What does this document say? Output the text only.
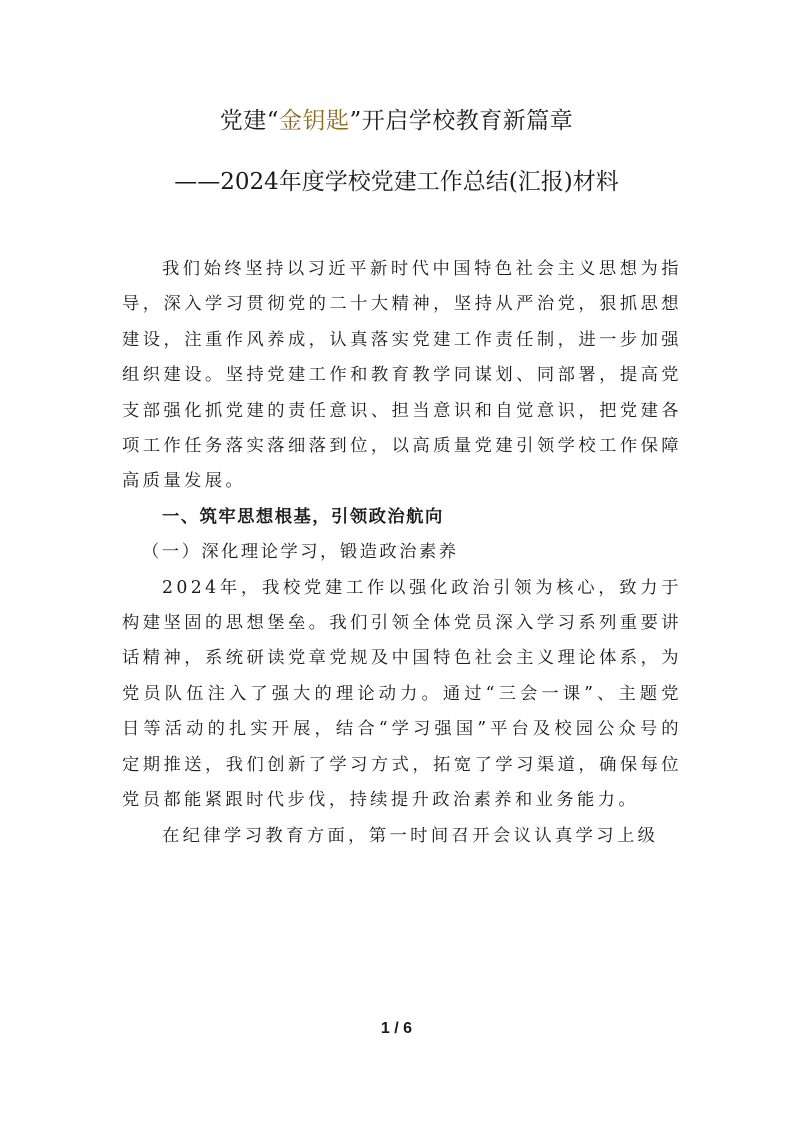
党建“金钥匙”开启学校教育新篇章
——2024年度学校党建工作总结(汇报)材料

我们始终坚持以习近平新时代中国特色社会主义思想为指导，深入学习贯彻党的二十大精神，坚持从严治党，狠抓思想建设，注重作风养成，认真落实党建工作责任制，进一步加强组织建设。坚持党建工作和教育教学同谋划、同部署，提高党支部强化抓党建的责任意识、担当意识和自觉意识，把党建各项工作任务落实落细落到位，以高质量党建引领学校工作保障高质量发展。

一、筑牢思想根基，引领政治航向

（一）深化理论学习，锻造政治素养

2024年，我校党建工作以强化政治引领为核心，致力于构建坚固的思想堡垒。我们引领全体党员深入学习系列重要讲话精神，系统研读党章党规及中国特色社会主义理论体系，为党员队伍注入了强大的理论动力。通过“三会一课”、主题党日等活动的扎实开展，结合“学习强国”平台及校园公众号的定期推送，我们创新了学习方式，拓宽了学习渠道，确保每位党员都能紧跟时代步伐，持续提升政治素养和业务能力。

在纪律学习教育方面，第一时间召开会议认真学习上级

1 / 6
